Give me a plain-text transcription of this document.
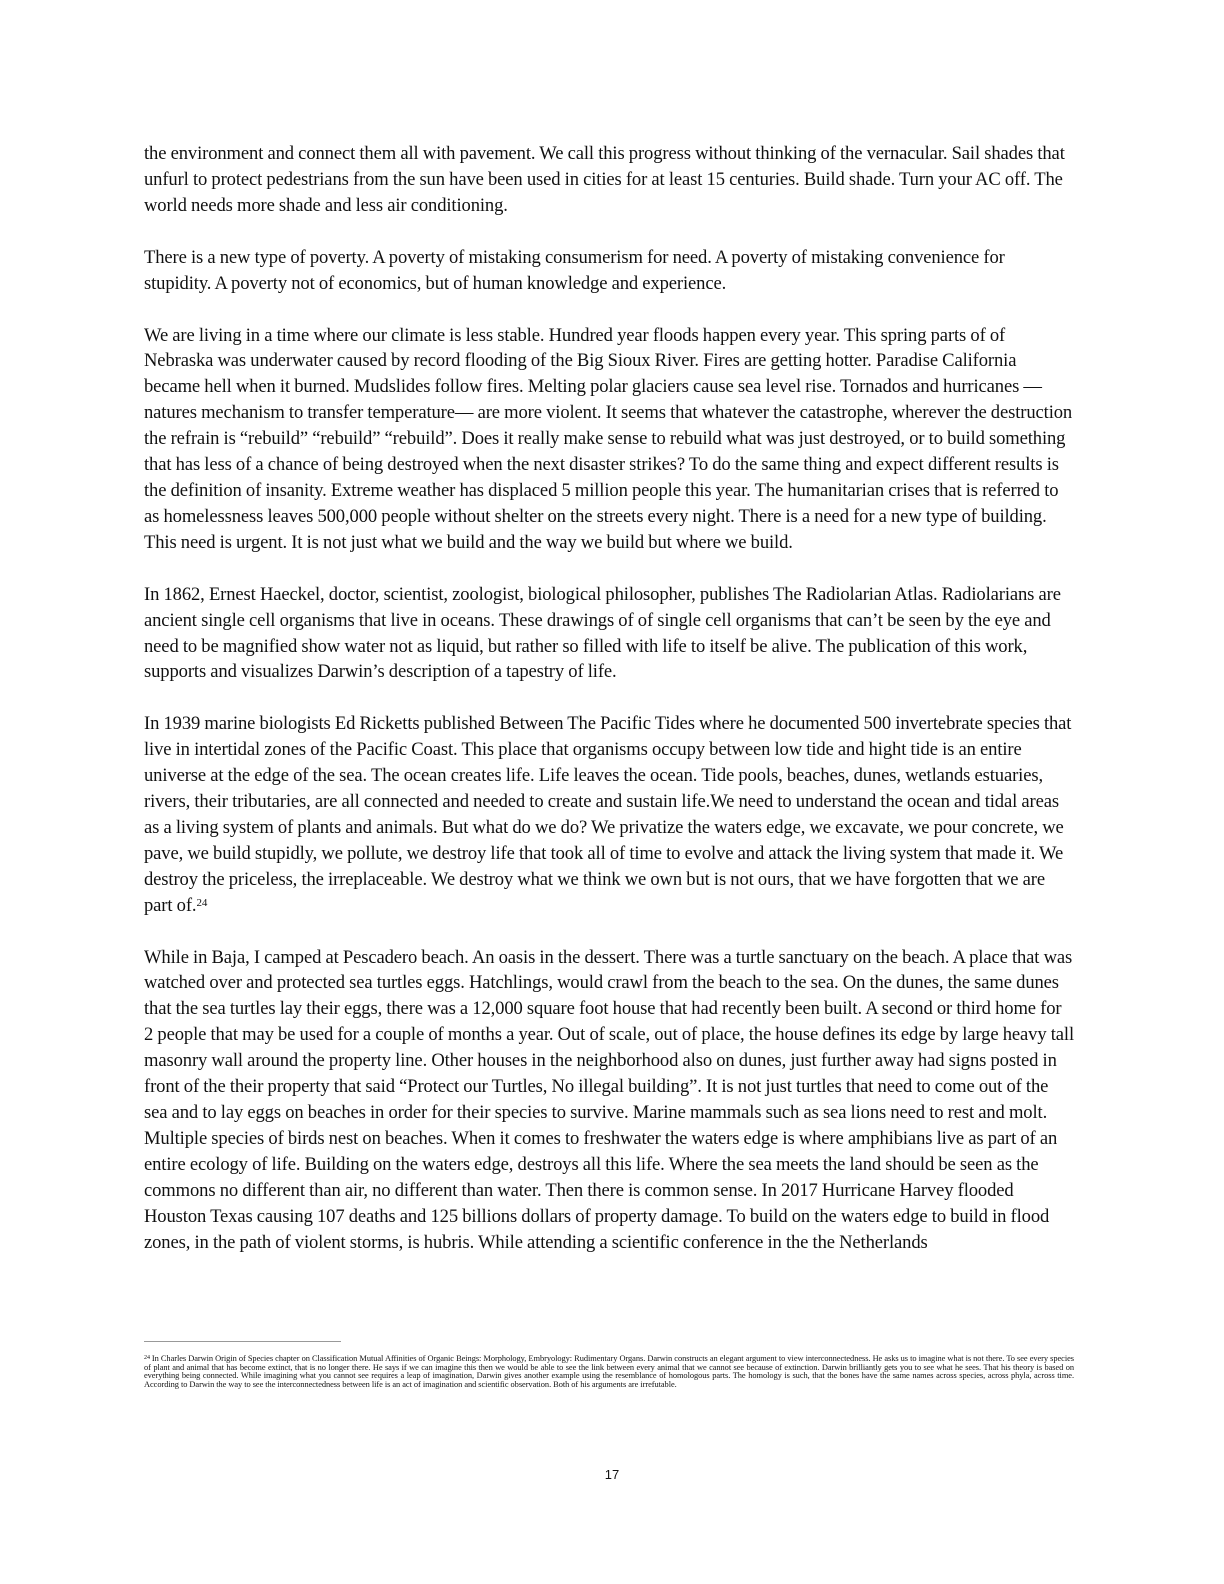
the environment and connect them all with pavement. We call this progress without thinking of the vernacular. Sail shades that unfurl to protect pedestrians from the sun have been used in cities for at least 15 centuries. Build shade. Turn your AC off. The world needs more shade and less air conditioning.

There is a new type of poverty. A poverty of mistaking consumerism for need. A poverty of mistaking convenience for stupidity. A poverty not of economics, but of human knowledge and experience.

We are living in a time where our climate is less stable. Hundred year floods happen every year. This spring parts of of Nebraska was underwater caused by record flooding of the Big Sioux River. Fires are getting hotter. Paradise California became hell when it burned. Mudslides follow fires. Melting polar glaciers cause sea level rise. Tornados and hurricanes —natures mechanism to transfer temperature— are more violent. It seems that whatever the catastrophe, wherever the destruction the refrain is “rebuild” “rebuild” “rebuild”. Does it really make sense to rebuild what was just destroyed, or to build something that has less of a chance of being destroyed when the next disaster strikes? To do the same thing and expect different results is the definition of insanity. Extreme weather has displaced 5 million people this year. The humanitarian crises that is referred to as homelessness leaves 500,000 people without shelter on the streets every night. There is a need for a new type of building. This need is urgent. It is not just what we build and the way we build but where we build.

In 1862, Ernest Haeckel, doctor, scientist, zoologist, biological philosopher, publishes The Radiolarian Atlas. Radiolarians are ancient single cell organisms that live in oceans. These drawings of of single cell organisms that can’t be seen by the eye and need to be magnified show water not as liquid, but rather so filled with life to itself be alive. The publication of this work, supports and visualizes Darwin’s description of a tapestry of life.

In 1939 marine biologists Ed Ricketts published Between The Pacific Tides where he documented 500 invertebrate species that live in intertidal zones of the Pacific Coast. This place that organisms occupy between low tide and hight tide is an entire universe at the edge of the sea. The ocean creates life. Life leaves the ocean. Tide pools, beaches, dunes, wetlands estuaries, rivers, their tributaries, are all connected and needed to create and sustain life.We need to understand the ocean and tidal areas as a living system of plants and animals. But what do we do? We privatize the waters edge, we excavate, we pour concrete, we pave, we build stupidly, we pollute, we destroy life that took all of time to evolve and attack the living system that made it. We destroy the priceless, the irreplaceable. We destroy what we think we own but is not ours, that we have forgotten that we are part of.$^{24}$

While in Baja, I camped at Pescadero beach. An oasis in the dessert. There was a turtle sanctuary on the beach. A place that was watched over and protected sea turtles eggs. Hatchlings, would crawl from the beach to the sea. On the dunes, the same dunes that the sea turtles lay their eggs, there was a 12,000 square foot house that had recently been built. A second or third home for 2 people that may be used for a couple of months a year. Out of scale, out of place, the house defines its edge by large heavy tall masonry wall around the property line. Other houses in the neighborhood also on dunes, just further away had signs posted in front of the their property that said “Protect our Turtles, No illegal building”. It is not just turtles that need to come out of the sea and to lay eggs on beaches in order for their species to survive. Marine mammals such as sea lions need to rest and molt. Multiple species of birds nest on beaches. When it comes to freshwater the waters edge is where amphibians live as part of an entire ecology of life. Building on the waters edge, destroys all this life. Where the sea meets the land should be seen as the commons no different than air, no different than water. Then there is common sense. In 2017 Hurricane Harvey flooded Houston Texas causing 107 deaths and 125 billions dollars of property damage. To build on the waters edge to build in flood zones, in the path of violent storms, is hubris. While attending a scientific conference in the the Netherlands

$^{24}$ In Charles Darwin Origin of Species chapter on Classification Mutual Affinities of Organic Beings: Morphology, Embryology: Rudimentary Organs. Darwin constructs an elegant argument to view interconnectedness. He asks us to imagine what is not there. To see every species of plant and animal that has become extinct, that is no longer there. He says if we can imagine this then we would be able to see the link between every animal that we cannot see because of extinction. Darwin brilliantly gets you to see what he sees. That his theory is based on everything being connected. While imagining what you cannot see requires a leap of imagination, Darwin gives another example using the resemblance of homologous parts. The homology is such, that the bones have the same names across species, across phyla, across time. According to Darwin the way to see the interconnectedness between life is an act of imagination and scientific observation. Both of his arguments are irrefutable.
17
